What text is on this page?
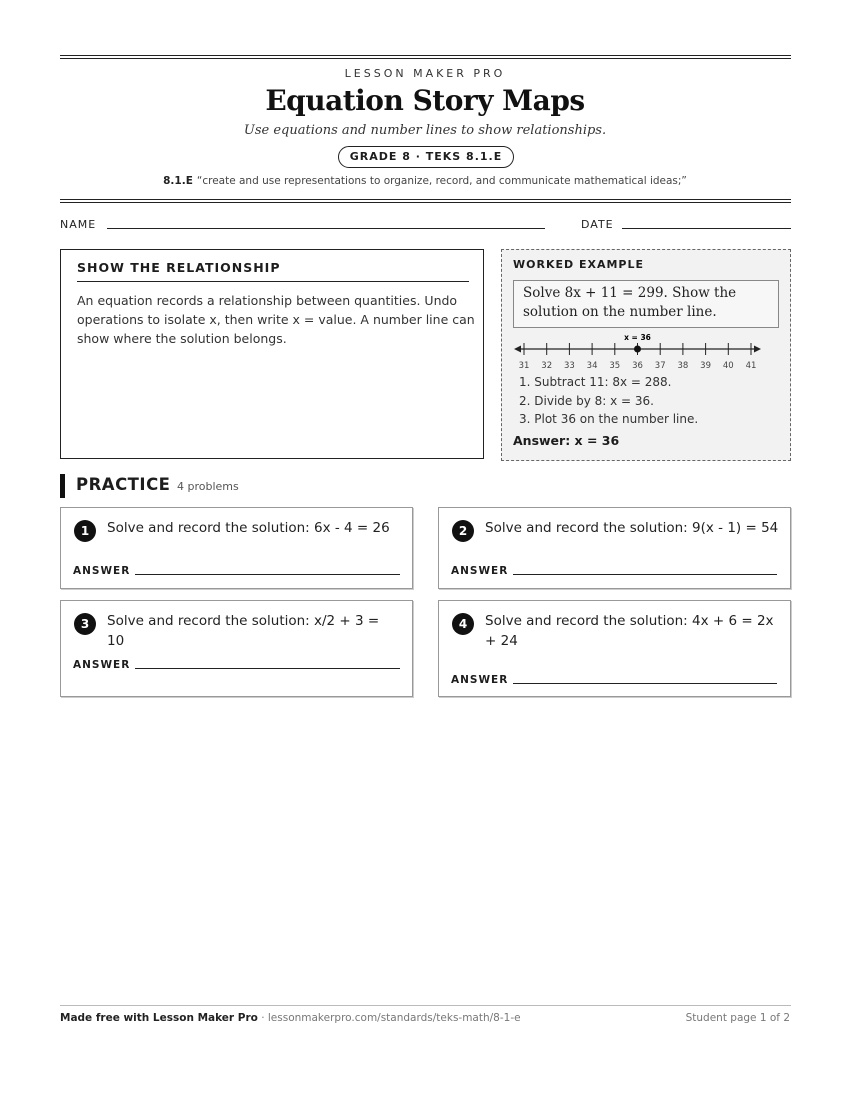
LESSON MAKER PRO
Equation Story Maps
Use equations and number lines to show relationships.
GRADE 8 · TEKS 8.1.E
8.1.E “create and use representations to organize, record, and communicate mathematical ideas;”
NAME	DATE
SHOW THE RELATIONSHIP
An equation records a relationship between quantities. Undo operations to isolate x, then write x = value. A number line can show where the solution belongs.
WORKED EXAMPLE
Solve 8x + 11 = 299. Show the solution on the number line.
31 32 33 34 35 36 37 38 39 40 41
x = 36
1. Subtract 11: 8x = 288.
2. Divide by 8: x = 36.
3. Plot 36 on the number line.
Answer: x = 36
PRACTICE 4 problems
1	Solve and record the solution: 6x - 4 = 26
ANSWER
2	Solve and record the solution: 9(x - 1) = 54
ANSWER
3	Solve and record the solution: x/2 + 3 = 10
ANSWER
4	Solve and record the solution: 4x + 6 = 2x + 24
ANSWER
Made free with Lesson Maker Pro · lessonmakerpro.com/standards/teks-math/8-1-e	Student page 1 of 2
